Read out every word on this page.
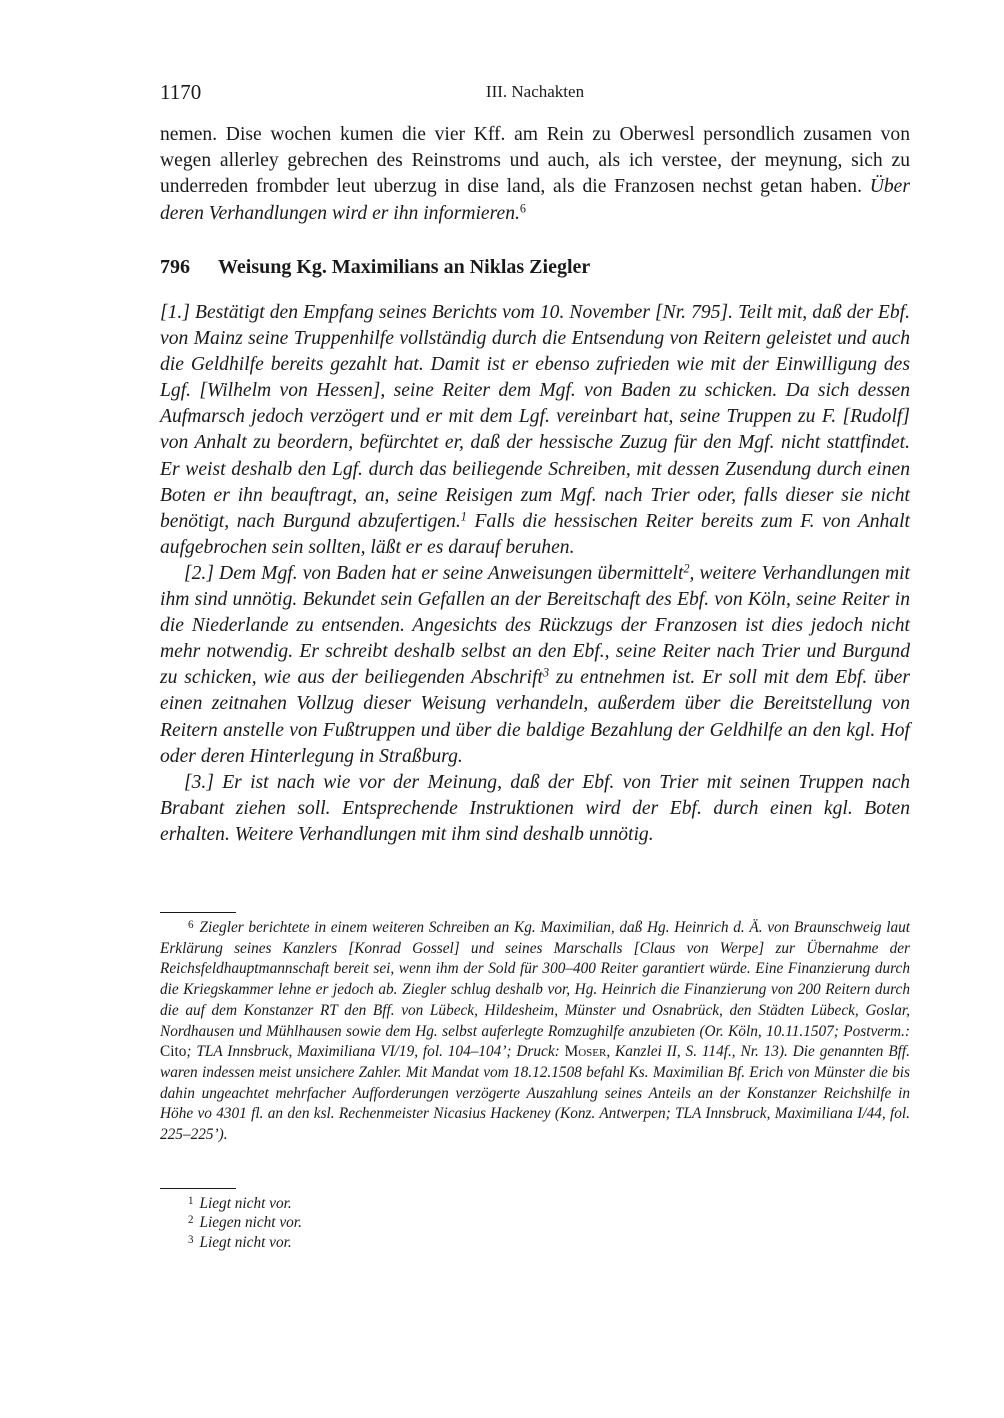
1170	III. Nachakten

nemen. Dise wochen kumen die vier Kff. am Rein zu Oberwesl persondlich zusamen von wegen allerley gebrechen des Reinstroms und auch, als ich verstee, der meynung, sich zu underreden frombder leut uberzug in dise land, als die Franzosen nechst getan haben. Über deren Verhandlungen wird er ihn informieren.$^6$

796 Weisung Kg. Maximilians an Niklas Ziegler

[1.] Bestätigt den Empfang seines Berichts vom 10. November [Nr. 795]. Teilt mit, daß der Ebf. von Mainz seine Truppenhilfe vollständig durch die Entsendung von Reitern geleistet und auch die Geldhilfe bereits gezahlt hat. Damit ist er ebenso zufrieden wie mit der Einwilligung des Lgf. [Wilhelm von Hessen], seine Reiter dem Mgf. von Baden zu schicken. Da sich dessen Aufmarsch jedoch verzögert und er mit dem Lgf. vereinbart hat, seine Truppen zu F. [Rudolf] von Anhalt zu beordern, befürchtet er, daß der hessische Zuzug für den Mgf. nicht stattfindet. Er weist deshalb den Lgf. durch das beiliegende Schreiben, mit dessen Zusendung durch einen Boten er ihn beauftragt, an, seine Reisigen zum Mgf. nach Trier oder, falls dieser sie nicht benötigt, nach Burgund abzufertigen.$^1$ Falls die hessischen Reiter bereits zum F. von Anhalt aufgebrochen sein sollten, läßt er es darauf beruhen.

[2.] Dem Mgf. von Baden hat er seine Anweisungen übermittelt$^2$, weitere Verhandlungen mit ihm sind unnötig. Bekundet sein Gefallen an der Bereitschaft des Ebf. von Köln, seine Reiter in die Niederlande zu entsenden. Angesichts des Rückzugs der Franzosen ist dies jedoch nicht mehr notwendig. Er schreibt deshalb selbst an den Ebf., seine Reiter nach Trier und Burgund zu schicken, wie aus der beiliegenden Abschrift$^3$ zu entnehmen ist. Er soll mit dem Ebf. über einen zeitnahen Vollzug dieser Weisung verhandeln, außerdem über die Bereitstellung von Reitern anstelle von Fußtruppen und über die baldige Bezahlung der Geldhilfe an den kgl. Hof oder deren Hinterlegung in Straßburg.

[3.] Er ist nach wie vor der Meinung, daß der Ebf. von Trier mit seinen Truppen nach Brabant ziehen soll. Entsprechende Instruktionen wird der Ebf. durch einen kgl. Boten erhalten. Weitere Verhandlungen mit ihm sind deshalb unnötig.

$^6$ Ziegler berichtete in einem weiteren Schreiben an Kg. Maximilian, daß Hg. Heinrich d. Ä. von Braunschweig laut Erklärung seines Kanzlers [Konrad Gossel] und seines Marschalls [Claus von Werpe] zur Übernahme der Reichsfeldhauptmannschaft bereit sei, wenn ihm der Sold für 300–400 Reiter garantiert würde. Eine Finanzierung durch die Kriegskammer lehne er jedoch ab. Ziegler schlug deshalb vor, Hg. Heinrich die Finanzierung von 200 Reitern durch die auf dem Konstanzer RT den Bff. von Lübeck, Hildesheim, Münster und Osnabrück, den Städten Lübeck, Goslar, Nordhausen und Mühlhausen sowie dem Hg. selbst auferlegte Romzughilfe anzubieten (Or. Köln, 10.11.1507; Postverm.: Cito; TLA Innsbruck, Maximiliana VI/19, fol. 104–104’; Druck: Moser, Kanzlei II, S. 114f., Nr. 13). Die genannten Bff. waren indessen meist unsichere Zahler. Mit Mandat vom 18.12.1508 befahl Ks. Maximilian Bf. Erich von Münster die bis dahin ungeachtet mehrfacher Aufforderungen verzögerte Auszahlung seines Anteils an der Konstanzer Reichshilfe in Höhe vo 4301 fl. an den ksl. Rechenmeister Nicasius Hackeney (Konz. Antwerpen; TLA Innsbruck, Maximiliana I/44, fol. 225–225’).
$^1$ Liegt nicht vor.
$^2$ Liegen nicht vor.
$^3$ Liegt nicht vor.
